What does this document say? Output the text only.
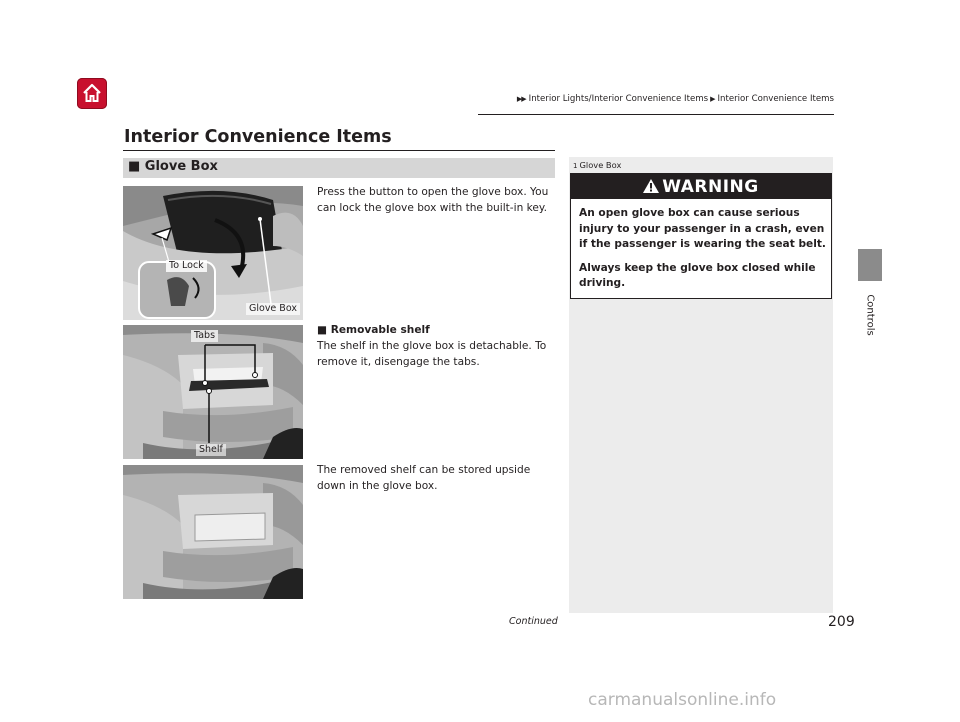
▶▶ Interior Lights/Interior Convenience Items ▶ Interior Convenience Items
Controls
Interior Convenience Items
■ Glove Box
To Lock
Glove Box
Press the button to open the glove box. You can lock the glove box with the built-in key.
Tabs
Shelf
■ Removable shelf
The shelf in the glove box is detachable. To remove it, disengage the tabs.
The removed shelf can be stored upside down in the glove box.
1 Glove Box
WARNING

An open glove box can cause serious injury to your passenger in a crash, even if the passenger is wearing the seat belt.

Always keep the glove box closed while driving.

Continued	209
carmanualsonline.info
